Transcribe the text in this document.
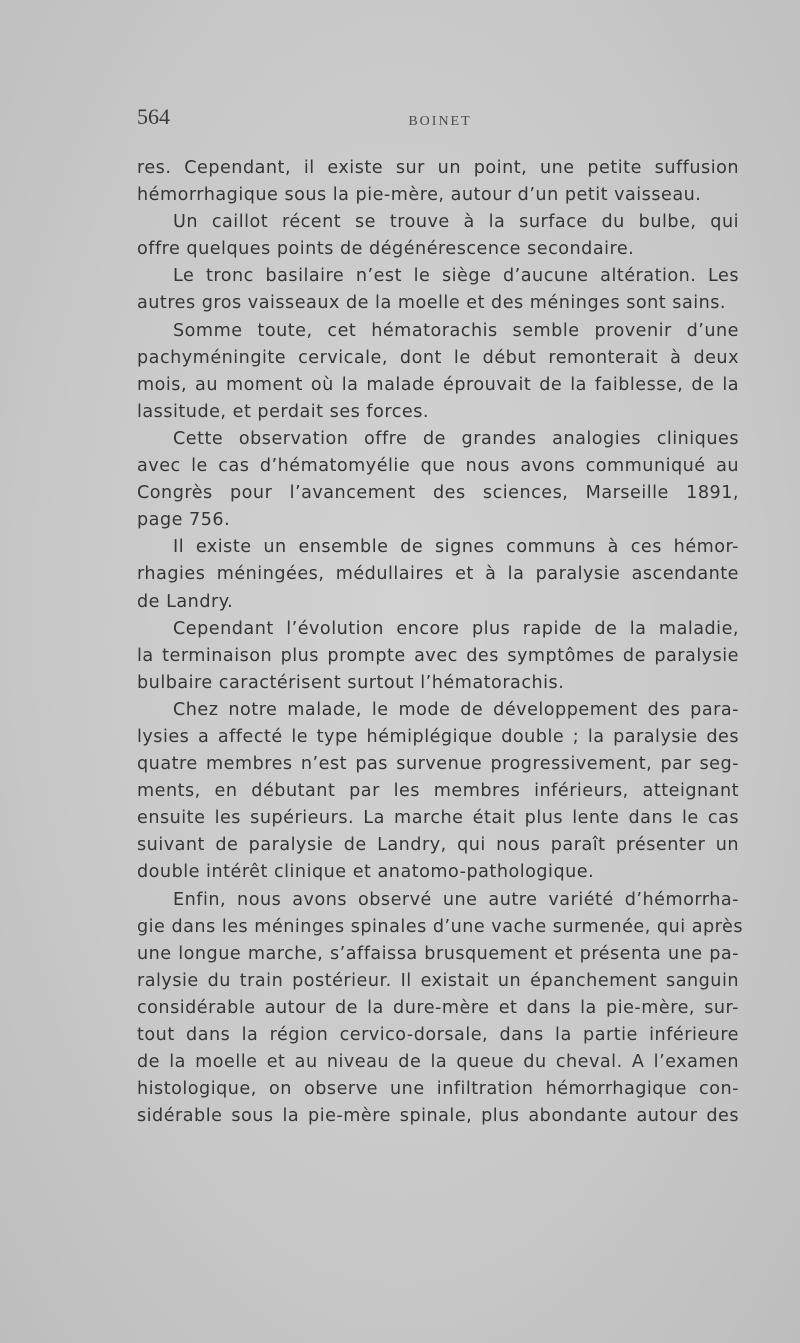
564	BOINET
res. Cependant, il existe sur un point, une petite suffusion
hémorrhagique sous la pie-mère, autour d’un petit vaisseau.
Un caillot récent se trouve à la surface du bulbe, qui
offre quelques points de dégénérescence secondaire.
Le tronc basilaire n’est le siège d’aucune altération. Les
autres gros vaisseaux de la moelle et des méninges sont sains.
Somme toute, cet hématorachis semble provenir d’une
pachyméningite cervicale, dont le début remonterait à deux
mois, au moment où la malade éprouvait de la faiblesse, de la
lassitude, et perdait ses forces.
Cette observation offre de grandes analogies cliniques
avec le cas d’hématomyélie que nous avons communiqué au
Congrès pour l’avancement des sciences, Marseille 1891,
page 756.
Il existe un ensemble de signes communs à ces hémor-
rhagies méningées, médullaires et à la paralysie ascendante
de Landry.
Cependant l’évolution encore plus rapide de la maladie,
la terminaison plus prompte avec des symptômes de paralysie
bulbaire caractérisent surtout l’hématorachis.
Chez notre malade, le mode de développement des para-
lysies a affecté le type hémiplégique double ; la paralysie des
quatre membres n’est pas survenue progressivement, par seg-
ments, en débutant par les membres inférieurs, atteignant
ensuite les supérieurs. La marche était plus lente dans le cas
suivant de paralysie de Landry, qui nous paraît présenter un
double intérêt clinique et anatomo-pathologique.
Enfin, nous avons observé une autre variété d’hémorrha-
gie dans les méninges spinales d’une vache surmenée, qui après
une longue marche, s’affaissa brusquement et présenta une pa-
ralysie du train postérieur. Il existait un épanchement sanguin
considérable autour de la dure-mère et dans la pie-mère, sur-
tout dans la région cervico-dorsale, dans la partie inférieure
de la moelle et au niveau de la queue du cheval. A l’examen
histologique, on observe une infiltration hémorrhagique con-
sidérable sous la pie-mère spinale, plus abondante autour des
